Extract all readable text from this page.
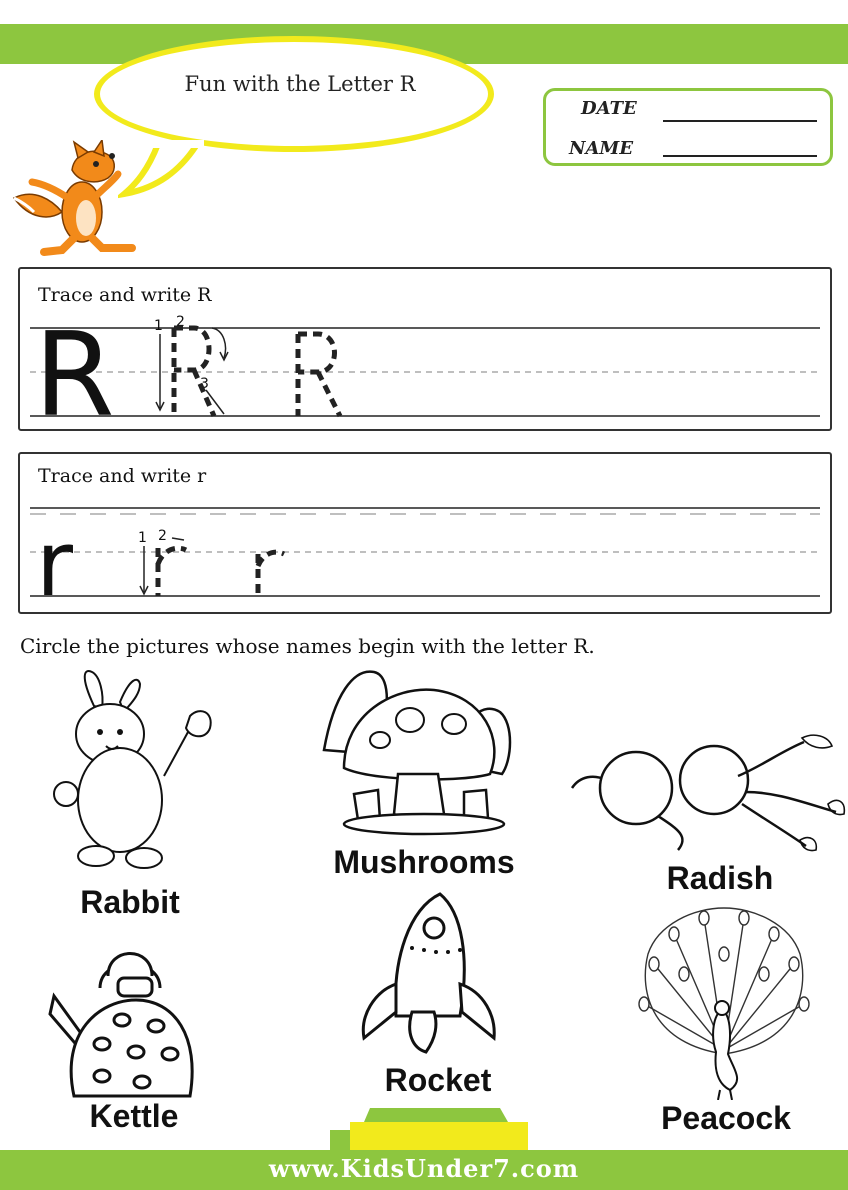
Fun with the Letter R
DATE
NAME
Trace and write R
R	1 2
3
Trace and write r
r	1 2
Circle the pictures whose names begin with the letter R.
Rabbit
Mushrooms	Radish
Kettle
Rocket
Peacock
www.KidsUnder7.com
